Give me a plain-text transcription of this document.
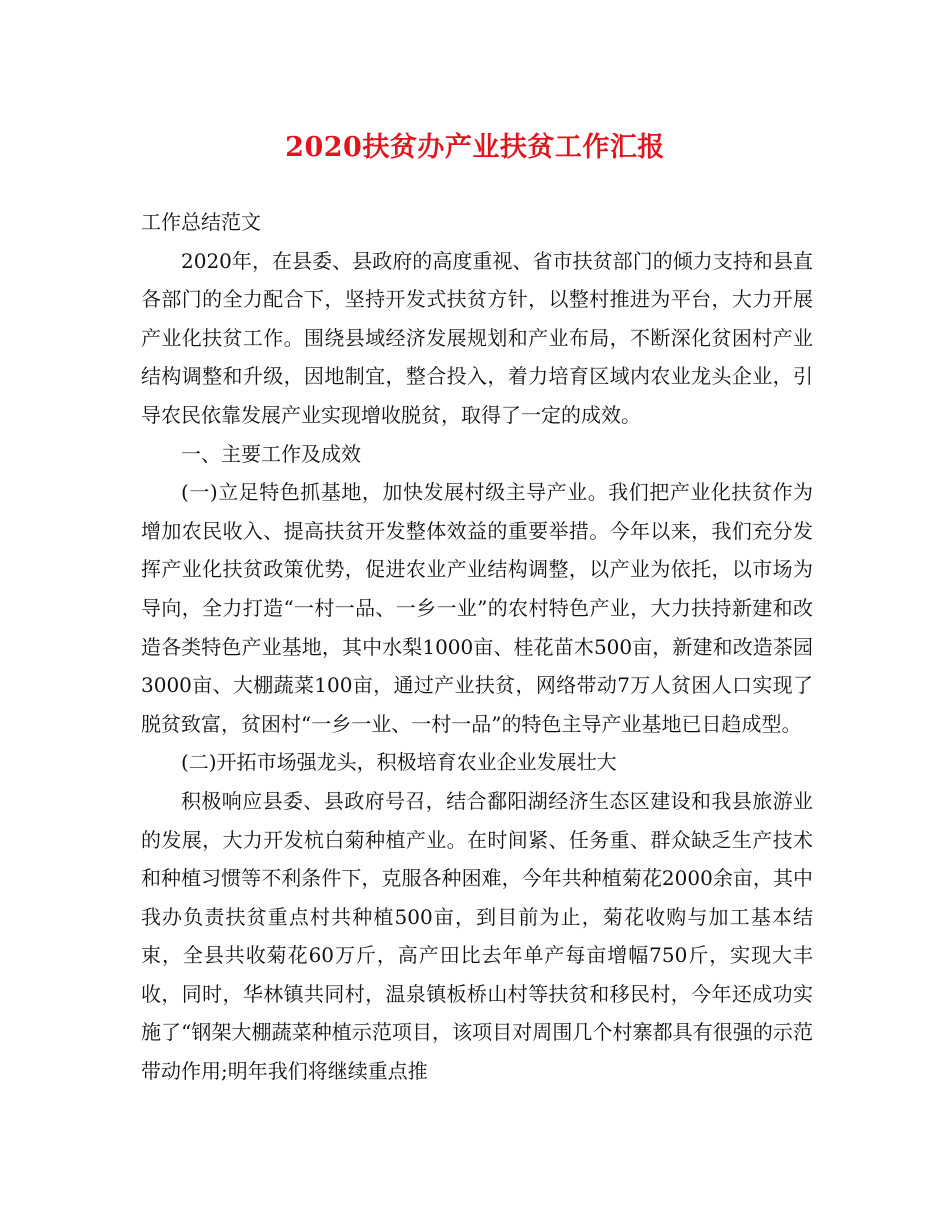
2020扶贫办产业扶贫工作汇报

工作总结范文

2020年，在县委、县政府的高度重视、省市扶贫部门的倾力支持和县直各部门的全力配合下，坚持开发式扶贫方针，以整村推进为平台，大力开展产业化扶贫工作。围绕县域经济发展规划和产业布局，不断深化贫困村产业结构调整和升级，因地制宜，整合投入，着力培育区域内农业龙头企业，引导农民依靠发展产业实现增收脱贫，取得了一定的成效。

一、主要工作及成效

(一)立足特色抓基地，加快发展村级主导产业。我们把产业化扶贫作为增加农民收入、提高扶贫开发整体效益的重要举措。今年以来，我们充分发挥产业化扶贫政策优势，促进农业产业结构调整，以产业为依托，以市场为导向，全力打造“一村一品、一乡一业”的农村特色产业，大力扶持新建和改造各类特色产业基地，其中水梨1000亩、桂花苗木500亩，新建和改造茶园3000亩、大棚蔬菜100亩，通过产业扶贫，网络带动7万人贫困人口实现了脱贫致富，贫困村“一乡一业、一村一品”的特色主导产业基地已日趋成型。

(二)开拓市场强龙头，积极培育农业企业发展壮大

积极响应县委、县政府号召，结合鄱阳湖经济生态区建设和我县旅游业的发展，大力开发杭白菊种植产业。在时间紧、任务重、群众缺乏生产技术和种植习惯等不利条件下，克服各种困难，今年共种植菊花2000余亩，其中我办负责扶贫重点村共种植500亩，到目前为止，菊花收购与加工基本结束，全县共收菊花60万斤，高产田比去年单产每亩增幅750斤，实现大丰收，同时，华林镇共同村，温泉镇板桥山村等扶贫和移民村，今年还成功实施了“钢架大棚蔬菜种植示范项目，该项目对周围几个村寨都具有很强的示范带动作用;明年我们将继续重点推
